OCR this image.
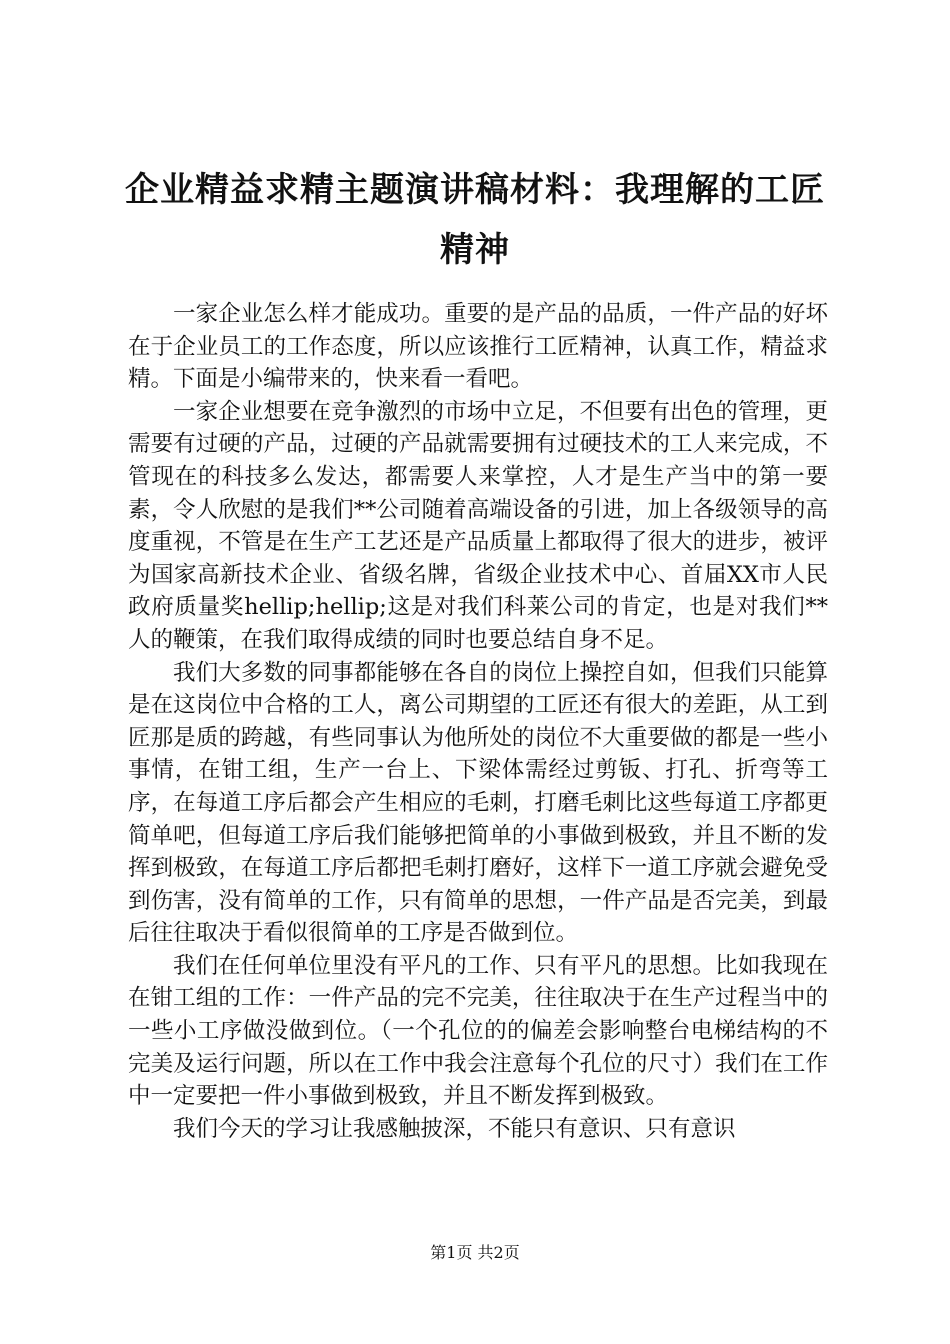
企业精益求精主题演讲稿材料：我理解的工匠精神

一家企业怎么样才能成功。重要的是产品的品质，一件产品的好坏在于企业员工的工作态度，所以应该推行工匠精神，认真工作，精益求精。下面是小编带来的，快来看一看吧。

一家企业想要在竞争激烈的市场中立足，不但要有出色的管理，更需要有过硬的产品，过硬的产品就需要拥有过硬技术的工人来完成，不管现在的科技多么发达，都需要人来掌控，人才是生产当中的第一要素，令人欣慰的是我们**公司随着高端设备的引进，加上各级领导的高度重视，不管是在生产工艺还是产品质量上都取得了很大的进步，被评为国家高新技术企业、省级名牌，省级企业技术中心、首届XX市人民政府质量奖hellip;hellip;这是对我们科莱公司的肯定，也是对我们**人的鞭策，在我们取得成绩的同时也要总结自身不足。

我们大多数的同事都能够在各自的岗位上操控自如，但我们只能算是在这岗位中合格的工人，离公司期望的工匠还有很大的差距，从工到匠那是质的跨越，有些同事认为他所处的岗位不大重要做的都是一些小事情，在钳工组，生产一台上、下梁体需经过剪钣、打孔、折弯等工序，在每道工序后都会产生相应的毛刺，打磨毛刺比这些每道工序都更简单吧，但每道工序后我们能够把简单的小事做到极致，并且不断的发挥到极致，在每道工序后都把毛刺打磨好，这样下一道工序就会避免受到伤害，没有简单的工作，只有简单的思想，一件产品是否完美，到最后往往取决于看似很简单的工序是否做到位。

我们在任何单位里没有平凡的工作、只有平凡的思想。比如我现在在钳工组的工作：一件产品的完不完美，往往取决于在生产过程当中的一些小工序做没做到位。（一个孔位的的偏差会影响整台电梯结构的不完美及运行问题，所以在工作中我会注意每个孔位的尺寸）我们在工作中一定要把一件小事做到极致，并且不断发挥到极致。

我们今天的学习让我感触披深，不能只有意识、只有意识

第1页 共2页
